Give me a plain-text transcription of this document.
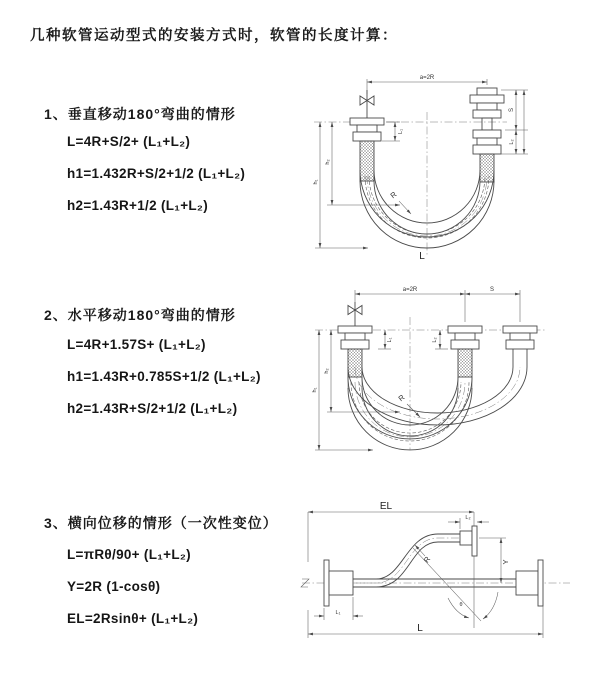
几种软管运动型式的安装方式时，软管的长度计算：
1、垂直移动180°弯曲的情形
L=4R+S/2+ (L₁+L₂)
h1=1.432R+S/2+1/2 (L₁+L₂)
h2=1.43R+1/2 (L₁+L₂)
a=2R
L₁
S
L₂
h₁
h₂
R
L
2、水平移动180°弯曲的情形
L=4R+1.57S+ (L₁+L₂)
h1=1.43R+0.785S+1/2 (L₁+L₂)
h2=1.43R+S/2+1/2 (L₁+L₂)
a=2R	S
L₁	L₂
h₁
h₂
R
3、横向位移的情形（一次性变位）
L=πRθ/90+ (L₁+L₂)
Y=2R (1-cosθ)
EL=2Rsinθ+ (L₁+L₂)
θ
R
EL
L₂
Y
L₁
L
